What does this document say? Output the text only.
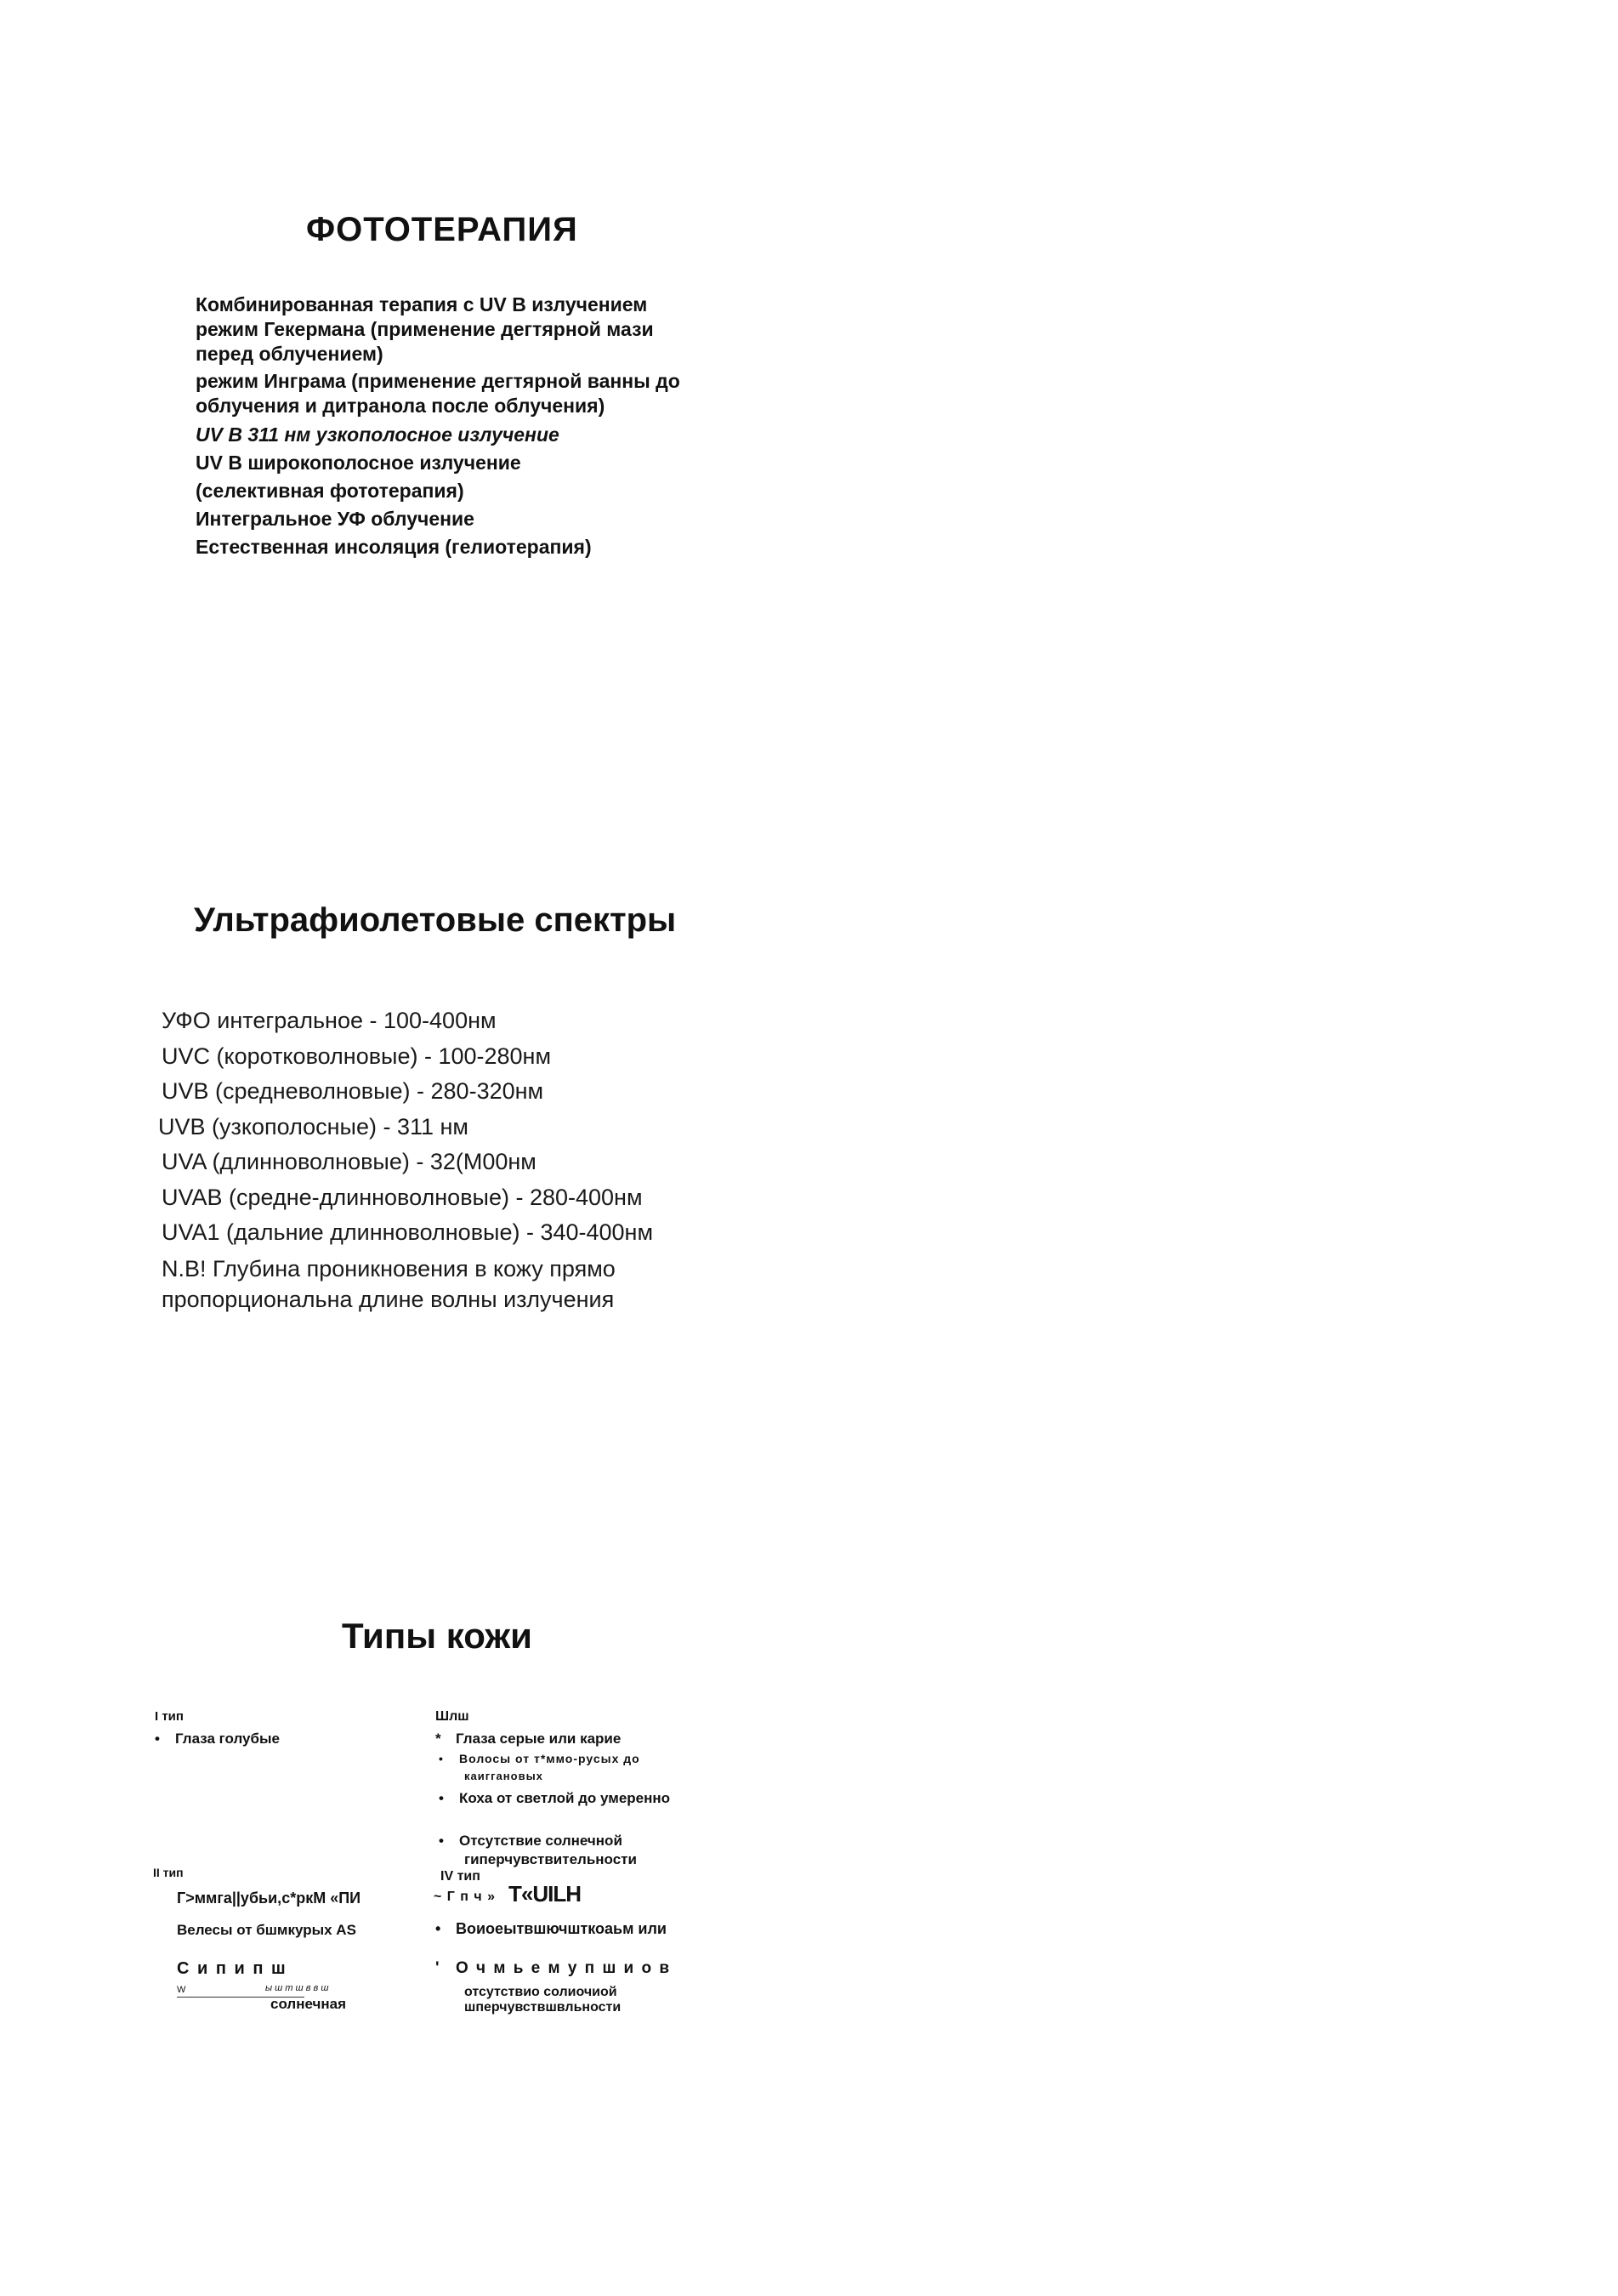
ФОТОТЕРАПИЯ
Комбинированная терапия с UV В излучением
режим Гекермана (применение дегтярной мази
перед облучением)
режим Инграма (применение дегтярной ванны до
облучения и дитранола после облучения)
UV В 311 нм узкополосное излучение
UV В широкополосное излучение
(селективная фототерапия)
Интегральное УФ облучение
Естественная инсоляция (гелиотерапия)
Ультрафиолетовые спектры
УФО интегральное - 100-400нм
UVC (коротковолновые) - 100-280нм
UVB (средневолновые) - 280-320нм
UVB (узкополосные) - 311 нм
UVA (длинноволновые) - 32(М00нм
UVAB (средне-длинноволновые) - 280-400нм
UVA1 (дальние длинноволновые) - 340-400нм
N.B! Глубина проникновения в кожу прямо
пропорциональна длине волны излучения
Типы кожи
I тип
• Глаза голубые
Шлш
* Глаза серые или карие
• Волосы от т*ммо-русых до
каиггановых
• Коха от светлой до умеренно
• Отсутствие солнечной
гиперчувствительности
II тип
Г>ммга||убьи,с*ркМ «ПИ
Велесы от бшмкурых AS
С и п и п ш
W	ы ш т ш в в ш
солнечная
IV тип
~ Г п ч » T«UILH
• Воиоеытвшючшткоаьм или
' О ч м ь е м у п ш и о в
отсутствио солиочиой
шперчувствшвльности
